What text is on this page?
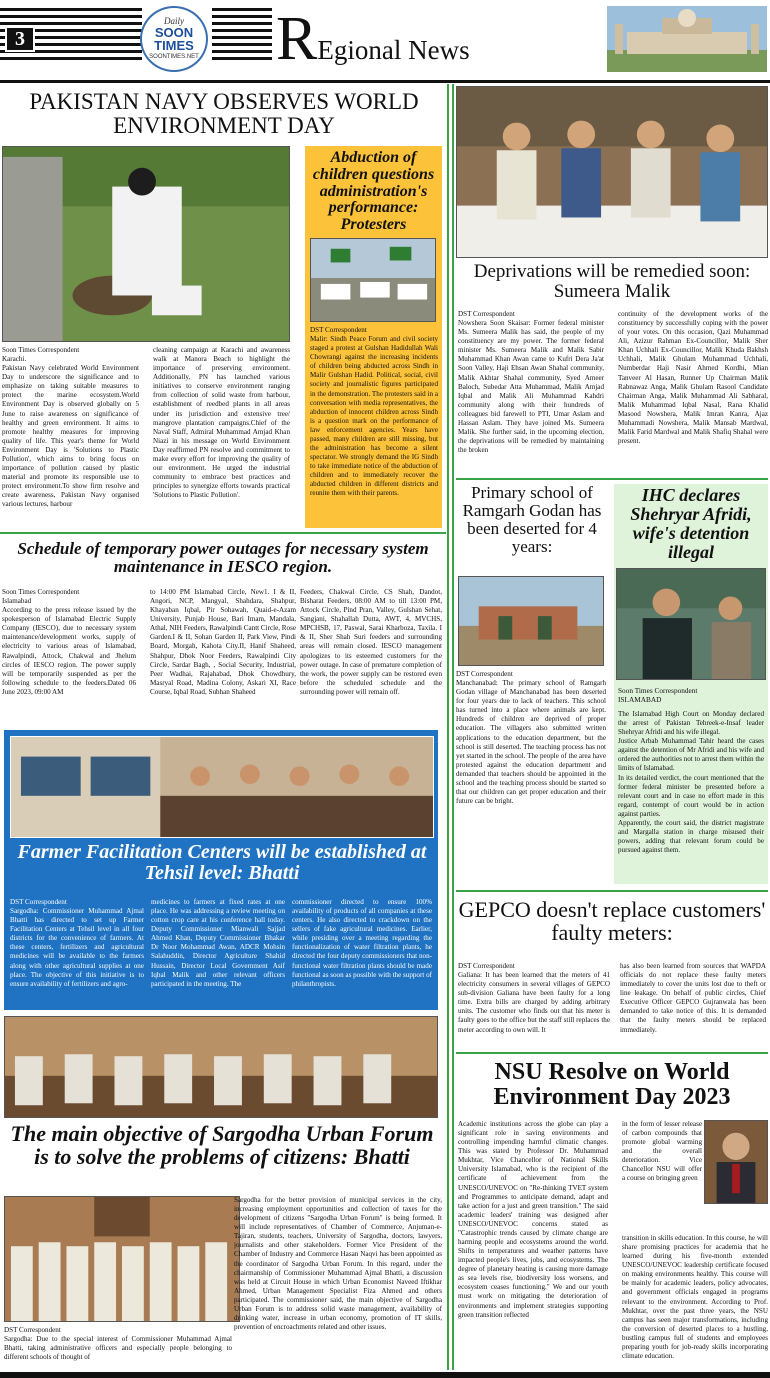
3
Daily
SOON TIMES
SOONTIMES.NET REgional News
PAKISTAN NAVY OBSERVES WORLD ENVIRONMENT DAY
Soon Times Correspondent
Karachi.
Pakistan Navy celebrated World Environment Day to underscore the significance and to emphasize on taking suitable measures to protect the marine ecosystem.World Environment Day is observed globally on 5 June to raise awareness on significance of healthy and green environment. It aims to promote healthy measures for improving quality of life. This year's theme for World Environment Day is 'Solutions to Plastic Pollution', which aims to bring focus on importance of pollution caused by plastic material and promote its responsible use to protect environment.To show firm resolve and create awareness, Pakistan Navy organised various lectures, harbour
cleaning campaign at Karachi and awareness walk at Manora Beach to highlight the importance of preserving environment. Additionally, PN has launched various initiatives to conserve environment ranging from collection of solid waste from harbour, establishment of reedbed plants in all areas under its jurisdiction and extensive tree/ mangrove plantation campaigns.Chief of the Naval Staff, Admiral Muhammad Amjad Khan Niazi in his message on World Environment Day reaffirmed PN resolve and commitment to make every effort for improving the quality of our environment. He urged the industrial community to embrace best practices and principles to synergize efforts towards practical 'Solutions to Plastic Pollution'.
Abduction of children questions administration's performance: Protesters
DST Correspondent
Malir: Sindh Peace Forum and civil society staged a protest at Gulshan Hadidullah Wali Chowrangi against the increasing incidents of children being abducted across Sindh in Malir Gulshan Hadid. Political, social, civil society and journalistic figures participated in the demonstration. The protesters said in a conversation with media representatives, the abduction of innocent children across Sindh is a question mark on the performance of law enforcement agencies. Years have passed, many children are still missing, but the administration has become a silent spectator. We strongly demand the IG Sindh to take immediate notice of the abduction of children and to immediately recover the abducted children in different districts and reunite them with their parents.
Deprivations will be remedied soon: Sumeera Malik
DST Correspondent
Nowshera Soon Skaisar: Former federal minister Ms. Sumeera Malik has said, the people of my constituency are my power. The former federal minister Ms. Sumeera Malik and Malik Sabir Muhammad Khan Awan came to Kufri Dera Ja'at Soon Valley, Haji Ehsan Awan Shahal community, Malik Akhtar Shahal community, Syed Ameer Baloch, Subedar Atta Muhammad, Malik Amjad Iqbal and Malik Ali Muhammad Kahdri community along with their hundreds of colleagues bid farewell to PTI, Umar Aslam and Hassan Aslam. They have joined Ms. Sumeera Malik. She further said, in the upcoming election, the deprivations will be remedied by maintaining the broken
continuity of the development works of the constituency by successfully coping with the power of your votes. On this occasion, Qazi Muhammad Ali, Azizur Rahman Ex-Councillor, Malik Sher Khan Uchhali Ex-Councillor, Malik Khuda Bakhsh Uchhali, Malik Ghulam Muhammad Uchhali, Numberdar Haji Nasir Ahmed Kordhi, Mian Tanveer Al Hasan, Runner Up Chairman Malik Rabnawaz Anga, Malik Ghulam Rasool Candidate Chairman Anga, Malik Muhammad Ali Sabharal, Malik Muhammad Iqbal Nasal, Rana Khalid Masood Nowshera, Malik Imran Kanra, Ajaz Muhammadi Nowshera, Malik Mansab Mardwal, Malik Farid Mardwal and Malik Shafiq Shahal were present.
Schedule of temporary power outages for necessary system maintenance in IESCO region.
Soon Times Correspondent
Islamabad
According to the press release issued by the spokesperson of Islamabad Electric Supply Company (IESCO), due to necessary system maintenance/development works, supply of electricity to various areas of Islamabad, Rawalpindi, Attock, Chakwal and Jhelum circles of IESCO region. The power supply will be temporarily suspended as per the following schedule to the feeders.Dated 06 June 2023, 09:00 AM
to 14:00 PM Islamabad Circle, New1. I & II, Angori, NCP, Mangyal, Shahdara, Shahpur, Khayaban Iqbal, Pir Sohawah, Quaid-e-Azam University, Punjab House, Bari Imam, Mandala, Athal, NIH Feeders, Rawalpindi Cantt Circle, Rose Garden.I & II, Sohan Garden II, Park View, Pindi Board, Morgah, Kahota City.II, Hanif Shaheed, Shahpur, Dhok Noor Feeders, Rawalpindi City Circle, Sardar Bagh, , Social Security, Industrial, Peer Wadhai, Rajahabad, Dhok Chowdhury, Masryal Road, Madina Colony, Askari XI, Race Course, Iqbal Road, Subhan Shaheed
Feeders, Chakwal Circle, CS Shah, Dandot, Bisharat Feeders, 08:00 AM to till 13:00 PM, Attock Circle, Pind Pran, Valley, Gulshan Sehat, Sangjani, Shahallah Dutta, AWT, 4, MVCHS, MPCHSB, 17, Paswal, Sarai Kharboza, Taxila. I & II, Sher Shah Suri feeders and surrounding areas will remain closed. IESCO management apologizes to its esteemed customers for the power outage. In case of premature completion of the work, the power supply can be restored even before the scheduled schedule and the surrounding power will remain off.
Farmer Facilitation Centers will be established at Tehsil level: Bhatti
DST Correspondent
Sargodha: Commissioner Muhammad Ajmal Bhatti has directed to set up Farmer Facilitation Centers at Tehsil level in all four districts for the convenience of farmers. At these centers, fertilizers and agricultural medicines will be available to the farmers along with other agricultural supplies at one place. The objective of this initiative is to ensure availability of fertilizers and agro-
medicines to farmers at fixed rates at one place. He was addressing a review meeting on cotton crop care at his conference hall today. Deputy Commissioner Mianwali Sajjad Ahmed Khan, Deputy Commissioner Bhakar Dr Noor Mohammad Awan, ADCR Mohsin Salahuddin, Director Agriculture Shahid Hussain, Director Local Government Asif Iqbal Malik and other relevant officers participated in the meeting. The
commissioner directed to ensure 100% availability of products of all companies at these centers. He also directed to crackdown on the sellers of fake agricultural medicines. Earlier, while presiding over a meeting regarding the functionalization of water filtration plants, he directed the four deputy commissioners that non-functional water filtration plants should be made functional as soon as possible with the support of philanthropists.
The main objective of Sargodha Urban Forum is to solve the problems of citizens: Bhatti
DST Correspondent
Sargodha: Due to the special interest of Commissioner Muhammad Ajmal Bhatti, taking administrative officers and especially people belonging to different schools of thought of
Sargodha for the better provision of municipal services in the city, increasing employment opportunities and collection of taxes for the development of citizens "Sargodha Urban Forum" is being formed. It will include representatives of Chamber of Commerce, Anjuman-e-Tajiran, students, teachers, University of Sargodha, doctors, lawyers, journalists and other stakeholders. Former Vice President of the Chamber of Industry and Commerce Hasan Naqvi has been appointed as the coordinator of Sargodha Urban Forum. In this regard, under the chairmanship of Commissioner Muhammad Ajmal Bhatti, a discussion was held at Circuit House in which Urban Economist Naveed Iftikhar Ahmed, Urban Management Specialist Fiza Ahmed and others participated. The commissioner said, the main objective of Sargodha Urban Forum is to address solid waste management, availability of drinking water, increase in urban economy, promotion of IT skills, prevention of encroachments related and other issues.
Primary school of Ramgarh Godan has been deserted for 4 years:
DST Correspondent
Manchanabad: The primary school of Ramgarh Godan village of Manchanabad has been deserted for four years due to lack of teachers. This school has turned into a place where animals are kept. Hundreds of children are deprived of proper education. The villagers also submitted written applications to the education department, but the school is still deserted. The teaching process has not yet started in the school. The people of the area have protested against the education department and demanded that teachers should be appointed in the school and the teaching process should be started so that our children can get proper education and their future can be bright.
IHC declares Shehryar Afridi, wife's detention illegal
Soon Times Correspondent
ISLAMABAD
The Islamabad High Court on Monday declared the arrest of Pakistan Tehreek-e-Insaf leader Shehryar Afridi and his wife illegal.
Justice Arbab Muhammad Tahir heard the cases against the detention of Mr Afridi and his wife and ordered the authorities not to arrest them within the limits of Islamabad.
In its detailed verdict, the court mentioned that the former federal minister be presented before a relevant court and in case no effort made in this regard, contempt of court would be in action against parties.
Apparently, the court said, the district magistrate and Margalla station in charge misused their powers, adding that relevant forum could be pursued against them.
GEPCO doesn't replace customers' faulty meters:
DST Correspondent
Galiana: It has been learned that the meters of 41 electricity consumers in several villages of GEPCO sub-division Galiana have been faulty for a long time. Extra bills are charged by adding arbitrary units. The customer who finds out that his meter is faulty goes to the office but the staff still replaces the meter according to own will. It
has also been learned from sources that WAPDA officials do not replace these faulty meters immediately to cover the units lost due to theft or line leakage. On behalf of public circles, Chief Executive Officer GEPCO Gujranwala has been demanded to take notice of this. It is demanded that the faulty meters should be replaced immediately.
NSU Resolve on World Environment Day 2023
Academic institutions across the globe can play a significant role in saving environments and controlling impending harmful climatic changes. This was stated by Professor Dr. Muhammad Mukhtar, Vice Chancellor of National Skills University Islamabad, who is the recipient of the certificate of achievement from the UNESCO/UNEVOC on "Re-thinking TVET system and Programmes to anticipate demand, adapt and take action for a just and green transition." The said academic leaders' training was designed after UNESCO/UNEVOC concerns stated as "Catastrophic trends caused by climate change are harming people and ecosystems around the world. Shifts in temperatures and weather patterns have impacted people's lives, jobs, and ecosystems. The degree of planetary heating is causing more damage as sea levels rise, biodiversity loss worsens, and ecosystem ceases functioning." We and our youth must work on mitigating the deterioration of environments and implement strategies supporting green transition reflected
in the form of lesser release of carbon compounds that promote global warming and the overall deterioration. Vice Chancellor NSU will offer a course on bringing green
transition in skills education. In this course, he will share promising practices for academia that he learned during his five-month extended UNESCO/UNEVOC leadership certificate focused on making environments healthy. This course will be mainly for academic leaders, policy advocates, and government officials engaged in programs relevant to the environment. According to Prof. Mukhtar, over the past three years, the NSU campus has seen major transformations, including the conversion of deserted places to a hustling, bustling campus full of students and employees preparing youth for job-ready skills incorporating climate education.
